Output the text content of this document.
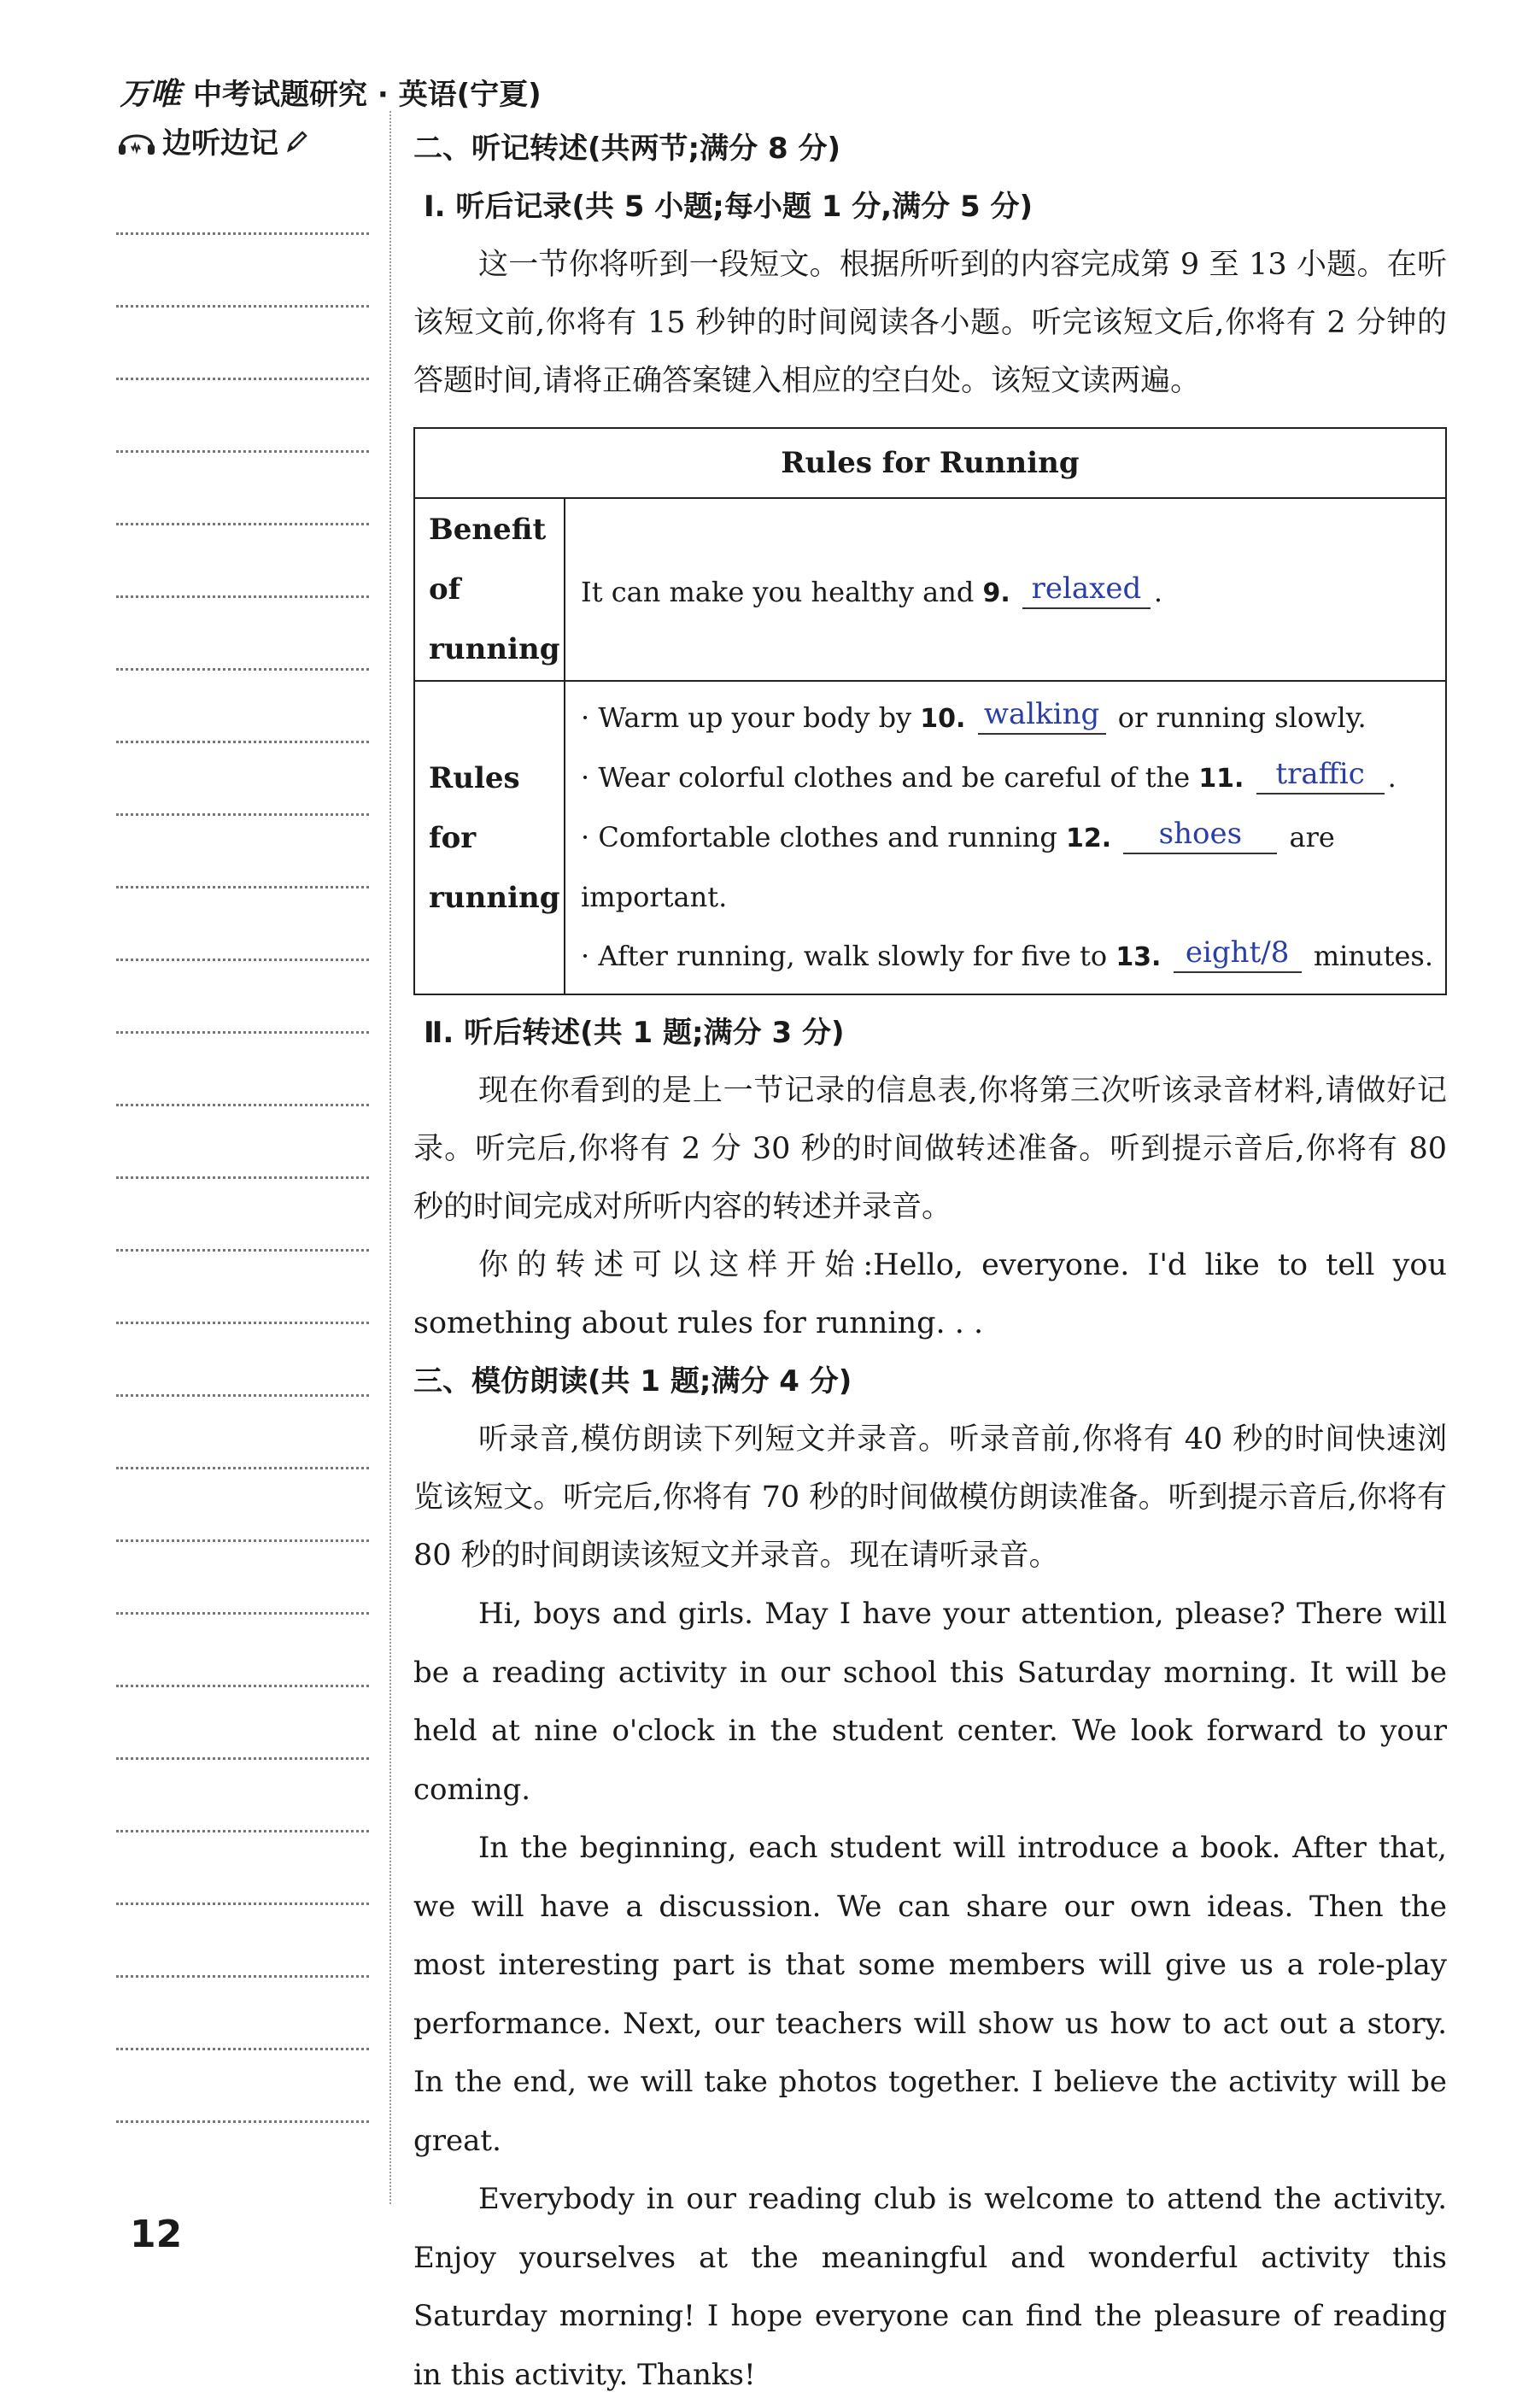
万唯 中考试题研究 · 英语(宁夏)
边听边记	二、听记转述(共两节;满分 8 分)
Ⅰ. 听后记录(共 5 小题;每小题 1 分,满分 5 分)

这一节你将听到一段短文。根据所听到的内容完成第 9 至 13 小题。在听该短文前,你将有 15 秒钟的时间阅读各小题。听完该短文后,你将有 2 分钟的答题时间,请将正确答案键入相应的空白处。该短文读两遍。

Rules for Running	
Benefit of running	It can make you healthy and 9. relaxed .
Rules for running	· Warm up your body by 10. walking or running slowly.
· Wear colorful clothes and be careful of the 11. traffic .
· Comfortable clothes and running 12. shoes are
important.
· After running, walk slowly for five to 13. eight/8 minutes.
Ⅱ. 听后转述(共 1 题;满分 3 分)

现在你看到的是上一节记录的信息表,你将第三次听该录音材料,请做好记录。听完后,你将有 2 分 30 秒的时间做转述准备。听到提示音后,你将有 80 秒的时间完成对所听内容的转述并录音。

你的转述可以这样开始:Hello, everyone. I'd like to tell you something about rules for running. . .

三、模仿朗读(共 1 题;满分 4 分)

听录音,模仿朗读下列短文并录音。听录音前,你将有 40 秒的时间快速浏览该短文。听完后,你将有 70 秒的时间做模仿朗读准备。听到提示音后,你将有 80 秒的时间朗读该短文并录音。现在请听录音。

Hi, boys and girls. May I have your attention, please? There will be a reading activity in our school this Saturday morning. It will be held at nine o'clock in the student center. We look forward to your coming.

In the beginning, each student will introduce a book. After that, we will have a discussion. We can share our own ideas. Then the most interesting part is that some members will give us a role-play performance. Next, our teachers will show us how to act out a story. In the end, we will take photos together. I believe the activity will be great.

Everybody in our reading club is welcome to attend the activity. Enjoy yourselves at the meaningful and wonderful activity this Saturday morning! I hope everyone can find the pleasure of reading in this activity. Thanks!

12
